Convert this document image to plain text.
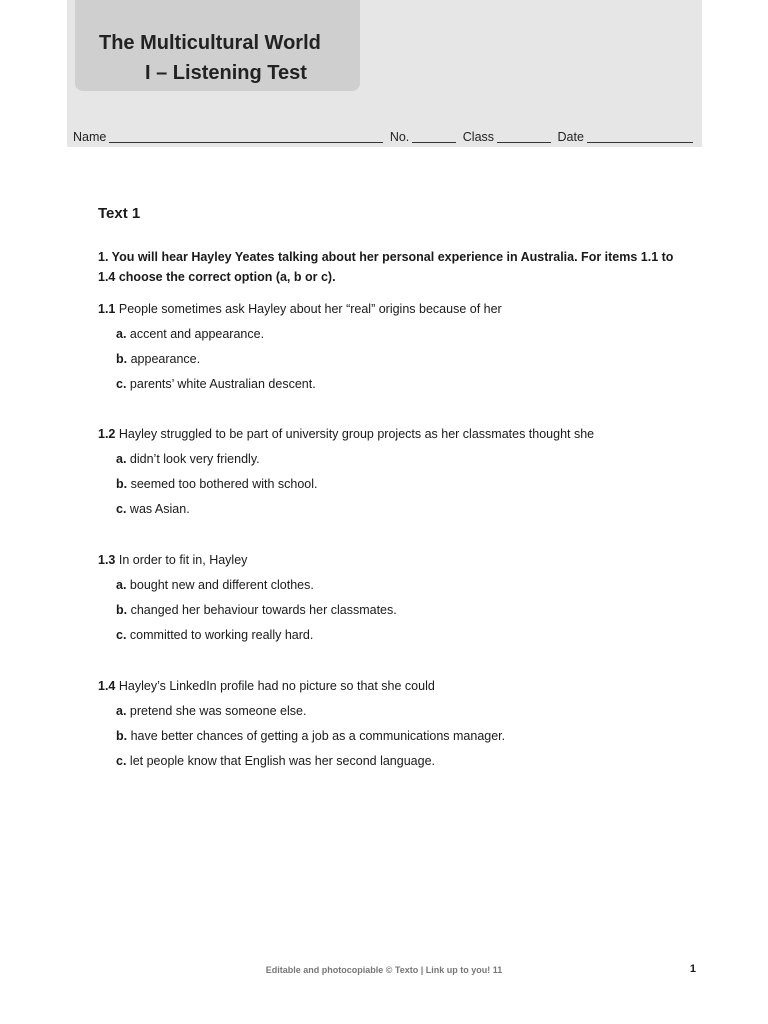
The Multicultural World
I – Listening Test
Name	No.	Class	Date
Text 1
1. You will hear Hayley Yeates talking about her personal experience in Australia. For items 1.1 to 1.4 choose the correct option (a, b or c).
1.1 People sometimes ask Hayley about her “real” origins because of her
a. accent and appearance.
b. appearance.
c. parents’ white Australian descent.
1.2 Hayley struggled to be part of university group projects as her classmates thought she
a. didn’t look very friendly.
b. seemed too bothered with school.
c. was Asian.
1.3 In order to fit in, Hayley
a. bought new and different clothes.
b. changed her behaviour towards her classmates.
c. committed to working really hard.
1.4 Hayley’s LinkedIn profile had no picture so that she could
a. pretend she was someone else.
b. have better chances of getting a job as a communications manager.
c. let people know that English was her second language.
Editable and photocopiable © Texto | Link up to you! 11	1
